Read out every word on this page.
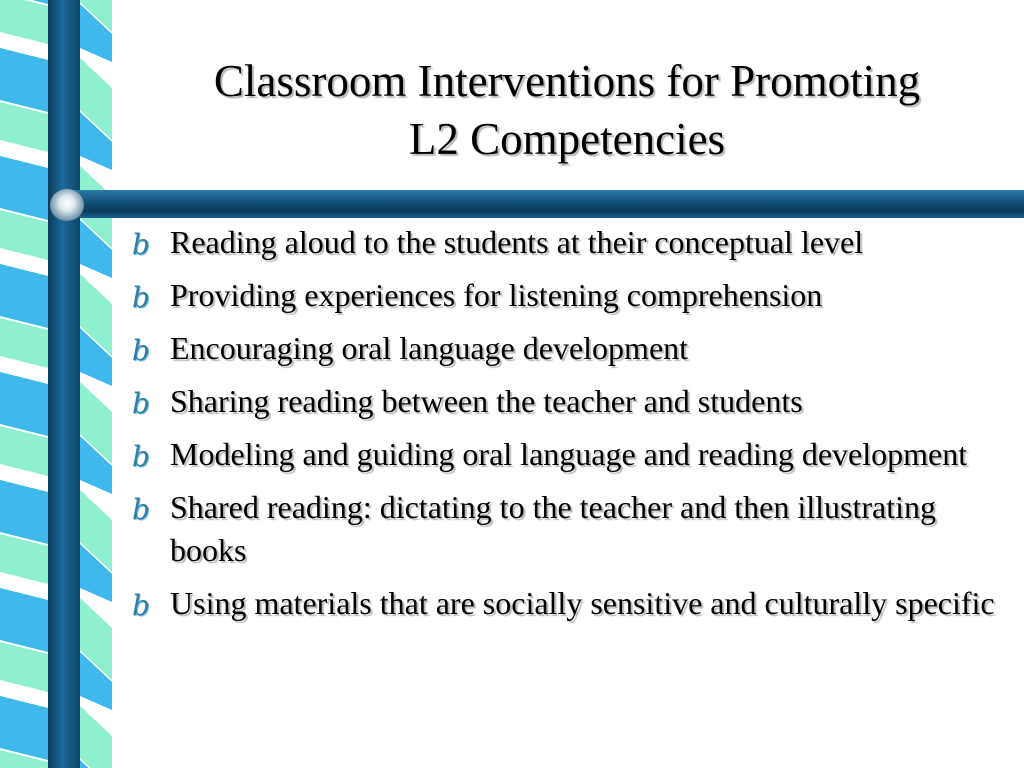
Classroom Interventions for Promoting
L2 Competencies
b Reading aloud to the students at their conceptual level
b Providing experiences for listening comprehension
b Encouraging oral language development
b Sharing reading between the teacher and students
b Modeling and guiding oral language and reading development
b Shared reading: dictating to the teacher and then illustrating books
b Using materials that are socially sensitive and culturally specific
